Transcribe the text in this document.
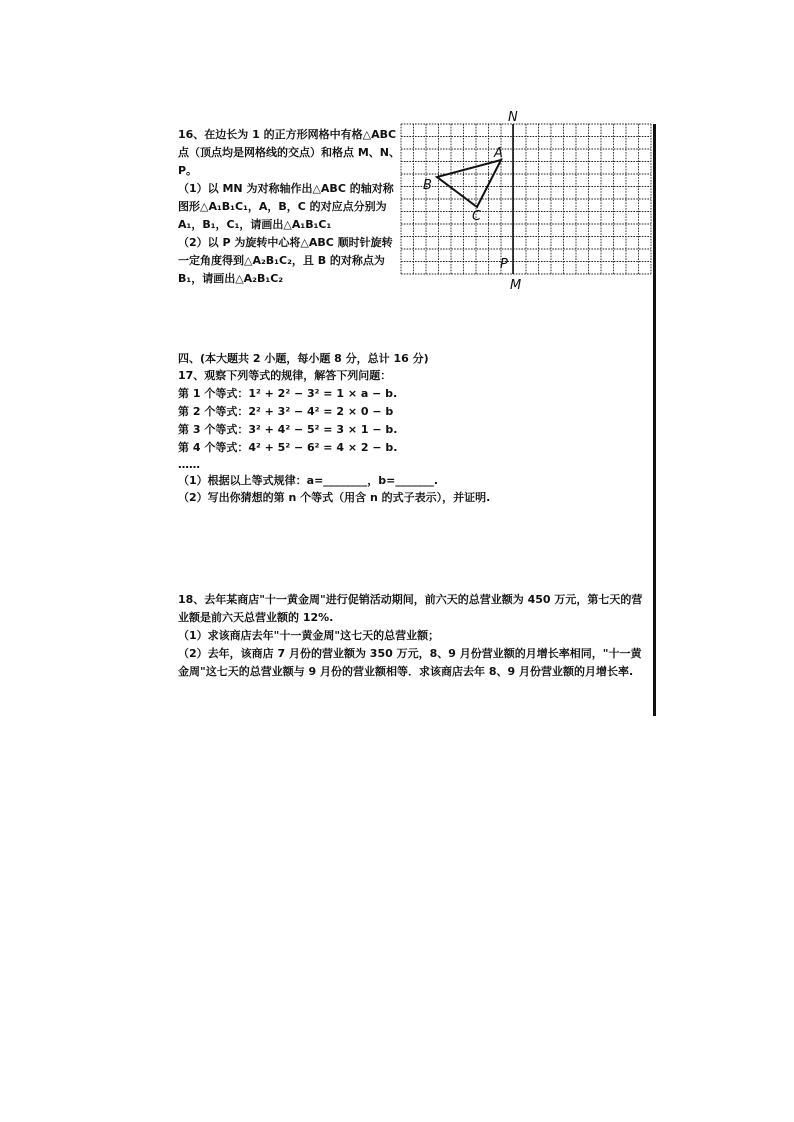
16、在边长为 1 的正方形网格中有格△ABC
点（顶点均是网格线的交点）和格点 M、N、
P。
（1）以 MN 为对称轴作出△ABC 的轴对称
图形△A₁B₁C₁，A，B，C 的对应点分别为
A₁，B₁，C₁，请画出△A₁B₁C₁
（2）以 P 为旋转中心将△ABC 顺时针旋转
一定角度得到△A₂B₁C₂，且 B 的对称点为
B₁，请画出△A₂B₁C₂
N
M
A
B
C
P
四、(本大题共 2 小题，每小题 8 分，总计 16 分)
17、观察下列等式的规律，解答下列问题：
第 1 个等式：1² + 2² − 3² = 1 × a − b.
第 2 个等式：2² + 3² − 4² = 2 × 0 − b
第 3 个等式：3² + 4² − 5² = 3 × 1 − b.
第 4 个等式：4² + 5² − 6² = 4 × 2 − b.
……
（1）根据以上等式规律：a=________，b=_______.
（2）写出你猜想的第 n 个等式（用含 n 的式子表示），并证明.
18、去年某商店"十一黄金周"进行促销活动期间，前六天的总营业额为 450 万元，第七天的营
业额是前六天总营业额的 12%.
（1）求该商店去年"十一黄金周"这七天的总营业额；
（2）去年，该商店 7 月份的营业额为 350 万元，8、9 月份营业额的月增长率相同，"十一黄
金周"这七天的总营业额与 9 月份的营业额相等．求该商店去年 8、9 月份营业额的月增长率.
